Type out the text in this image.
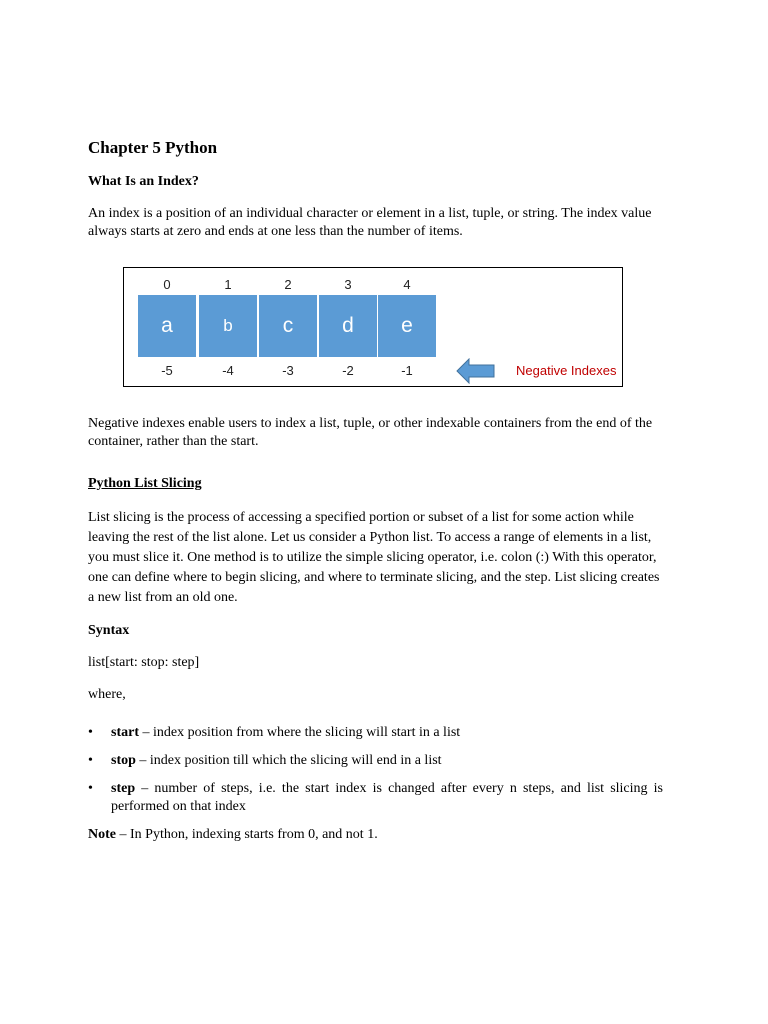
Chapter 5 Python
What Is an Index?
An index is a position of an individual character or element in a list, tuple, or string. The index value always starts at zero and ends at one less than the number of items.
0	1	2	3	4
a	b	c	d	e
-5	-4	-3	-2	-1	Negative Indexes
Negative indexes enable users to index a list, tuple, or other indexable containers from the end of the container, rather than the start.
Python List Slicing
List slicing is the process of accessing a specified portion or subset of a list for some action while leaving the rest of the list alone. Let us consider a Python list. To access a range of elements in a list, you must slice it. One method is to utilize the simple slicing operator, i.e. colon (:) With this operator, one can define where to begin slicing, and where to terminate slicing, and the step. List slicing creates a new list from an old one.
Syntax
list[start: stop: step]
where,
• start – index position from where the slicing will start in a list
• stop – index position till which the slicing will end in a list
• step – number of steps, i.e. the start index is changed after every n steps, and list slicing is performed on that index
Note – In Python, indexing starts from 0, and not 1.
